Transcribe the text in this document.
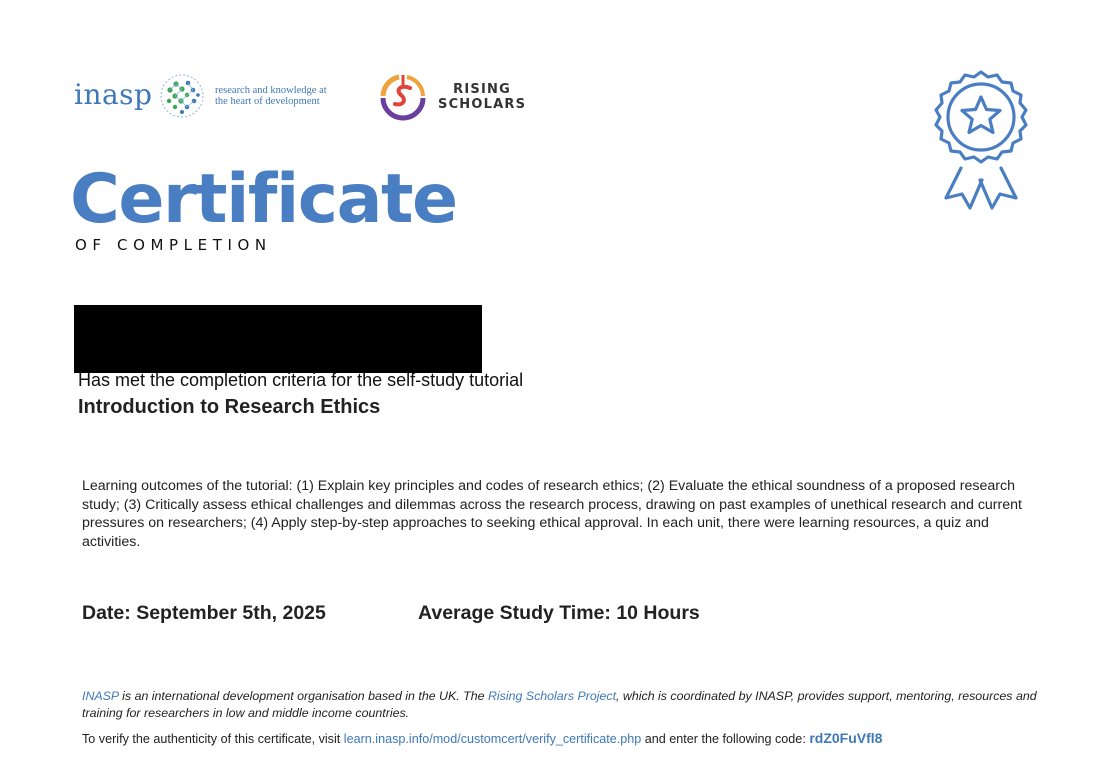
inasp	research and knowledge at
the heart of development
RISING
SCHOLARS
Certificate
OF COMPLETION
Has met the completion criteria for the self-study tutorial
Introduction to Research Ethics
Learning outcomes of the tutorial: (1) Explain key principles and codes of research ethics; (2) Evaluate the ethical soundness of a proposed research study; (3) Critically assess ethical challenges and dilemmas across the research process, drawing on past examples of unethical research and current pressures on researchers; (4) Apply step-by-step approaches to seeking ethical approval. In each unit, there were learning resources, a quiz and activities.
Date: September 5th, 2025	Average Study Time: 10 Hours
INASP is an international development organisation based in the UK. The Rising Scholars Project, which is coordinated by INASP, provides support, mentoring, resources and training for researchers in low and middle income countries.
To verify the authenticity of this certificate, visit learn.inasp.info/mod/customcert/verify_certificate.php and enter the following code: rdZ0FuVfl8
